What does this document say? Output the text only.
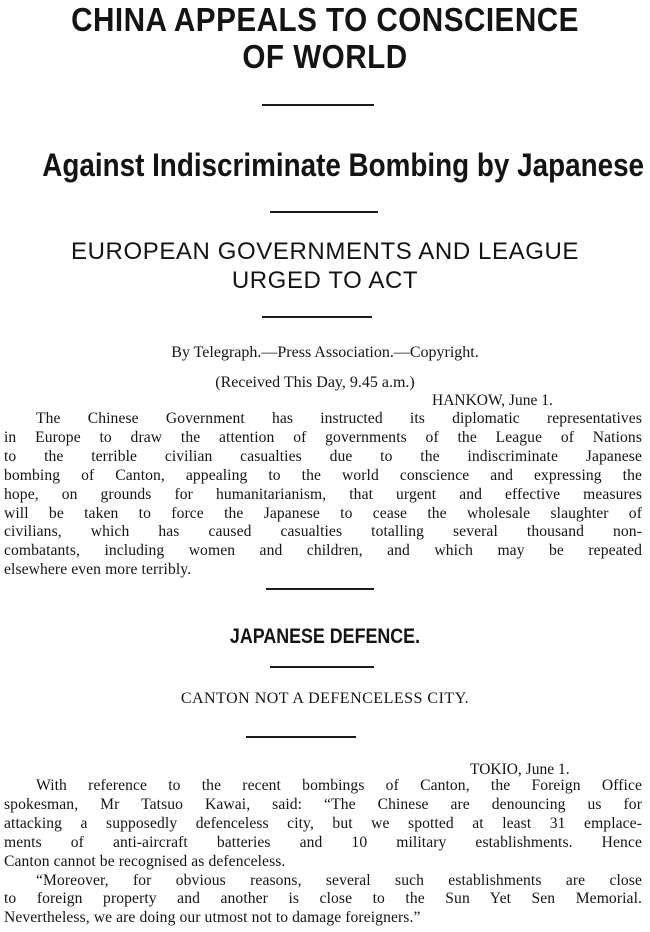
CHINA APPEALS TO CONSCIENCE
OF WORLD
Against Indiscriminate Bombing by Japanese
EUROPEAN GOVERNMENTS AND LEAGUE
URGED TO ACT
By Telegraph.—Press Association.—Copyright.
(Received This Day, 9.45 a.m.)
HANKOW, June 1.
The Chinese Government has instructed its diplomatic representatives
in Europe to draw the attention of governments of the League of Nations
to the terrible civilian casualties due to the indiscriminate Japanese
bombing of Canton, appealing to the world conscience and expressing the
hope, on grounds for humanitarianism, that urgent and effective measures
will be taken to force the Japanese to cease the wholesale slaughter of
civilians, which has caused casualties totalling several thousand non-
combatants, including women and children, and which may be repeated
elsewhere even more terribly.
JAPANESE DEFENCE.
CANTON NOT A DEFENCELESS CITY.
TOKIO, June 1.
With reference to the recent bombings of Canton, the Foreign Office
spokesman, Mr Tatsuo Kawai, said: “The Chinese are denouncing us for
attacking a supposedly defenceless city, but we spotted at least 31 emplace-
ments of anti-aircraft batteries and 10 military establishments. Hence
Canton cannot be recognised as defenceless.
“Moreover, for obvious reasons, several such establishments are close
to foreign property and another is close to the Sun Yet Sen Memorial.
Nevertheless, we are doing our utmost not to damage foreigners.”
